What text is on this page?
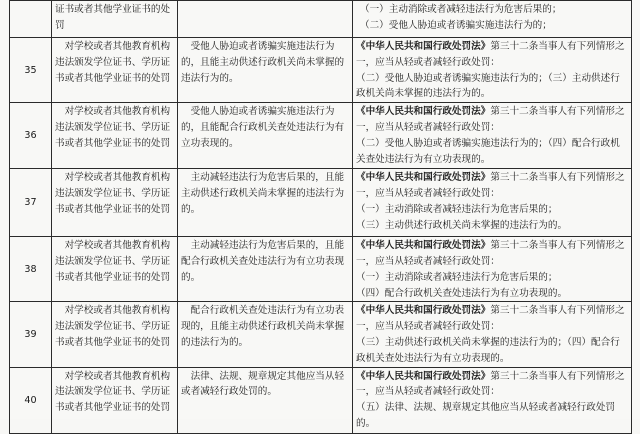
	证书或者其他学业证书的处罚		（一）主动消除或者减轻违法行为危害后果的；
（二）受他人胁迫或者诱骗实施违法行为的；

35	对学校或者其他教育机构违法颁发学位证书、学历证书或者其他学业证书的处罚	受他人胁迫或者诱骗实施违法行为的，且能主动供述行政机关尚未掌握的违法行为的。	《中华人民共和国行政处罚法》第三十二条当事人有下列情形之一，应当从轻或者减轻行政处罚：
（二）受他人胁迫或者诱骗实施违法行为的；（三）主动供述行政机关尚未掌握的违法行为的。

36	对学校或者其他教育机构违法颁发学位证书、学历证书或者其他学业证书的处罚	受他人胁迫或者诱骗实施违法行为的，且能配合行政机关查处违法行为有立功表现的。	《中华人民共和国行政处罚法》第三十二条当事人有下列情形之一，应当从轻或者减轻行政处罚：
（二）受他人胁迫或者诱骗实施违法行为的；（四）配合行政机关查处违法行为有立功表现的。

37	对学校或者其他教育机构违法颁发学位证书、学历证书或者其他学业证书的处罚	主动减轻违法行为危害后果的，且能主动供述行政机关尚未掌握的违法行为的。	《中华人民共和国行政处罚法》第三十二条当事人有下列情形之一，应当从轻或者减轻行政处罚：
（一）主动消除或者减轻违法行为危害后果的；
（三）主动供述行政机关尚未掌握的违法行为的。

38	对学校或者其他教育机构违法颁发学位证书、学历证书或者其他学业证书的处罚	主动减轻违法行为危害后果的，且能配合行政机关查处违法行为有立功表现的。	《中华人民共和国行政处罚法》第三十二条当事人有下列情形之一，应当从轻或者减轻行政处罚：
（一）主动消除或者减轻违法行为危害后果的；
（四）配合行政机关查处违法行为有立功表现的。

39	对学校或者其他教育机构违法颁发学位证书、学历证书或者其他学业证书的处罚	配合行政机关查处违法行为有立功表现的，且能主动供述行政机关尚未掌握的违法行为的。	《中华人民共和国行政处罚法》第三十二条当事人有下列情形之一，应当从轻或者减轻行政处罚：
（三）主动供述行政机关尚未掌握的违法行为的；（四）配合行政机关查处违法行为有立功表现的。

40	对学校或者其他教育机构违法颁发学位证书、学历证书或者其他学业证书的处罚	法律、法规、规章规定其他应当从轻或者减轻行政处罚的。	《中华人民共和国行政处罚法》第三十二条当事人有下列情形之一，应当从轻或者减轻行政处罚：
（五）法律、法规、规章规定其他应当从轻或者减轻行政处罚的。
